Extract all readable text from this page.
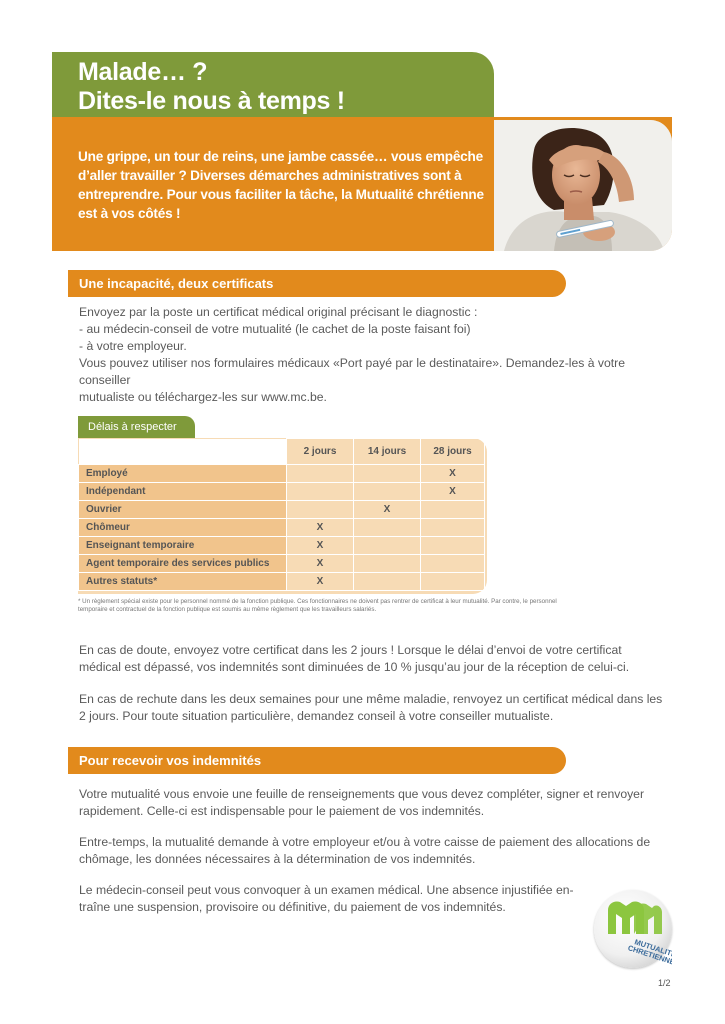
Malade… ?
Dites-le nous à temps !

Une grippe, un tour de reins, une jambe cassée… vous empêche d’aller travailler ? Diverses démarches administratives sont à entreprendre. Pour vous faciliter la tâche, la Mutualité chrétienne est à vos côtés !

Une incapacité, deux certificats
Envoyez par la poste un certificat médical original précisant le diagnostic :
- au médecin-conseil de votre mutualité (le cachet de la poste faisant foi)
- à votre employeur.
Vous pouvez utiliser nos formulaires médicaux «Port payé par le destinataire». Demandez-les à votre conseiller
mutualiste ou téléchargez-les sur www.mc.be.
Délais à respecter
	2 jours	14 jours	28 jours
Employé			X
Indépendant			X
Ouvrier		X	
Chômeur	X		
Enseignant temporaire	X		
Agent temporaire des services publics	X		
Autres statuts*	X		
* Un règlement spécial existe pour le personnel nommé de la fonction publique. Ces fonctionnaires ne doivent pas rentrer de certificat à leur mutualité. Par contre, le personnel
temporaire et contractuel de la fonction publique est soumis au même règlement que les travailleurs salariés.
En cas de doute, envoyez votre certificat dans les 2 jours ! Lorsque le délai d’envoi de votre certificat
médical est dépassé, vos indemnités sont diminuées de 10 % jusqu’au jour de la réception de celui-ci.
En cas de rechute dans les deux semaines pour une même maladie, renvoyez un certificat médical dans les
2 jours. Pour toute situation particulière, demandez conseil à votre conseiller mutualiste.
Pour recevoir vos indemnités
Votre mutualité vous envoie une feuille de renseignements que vous devez compléter, signer et renvoyer
rapidement. Celle-ci est indispensable pour le paiement de vos indemnités.
Entre-temps, la mutualité demande à votre employeur et/ou à votre caisse de paiement des allocations de
chômage, les données nécessaires à la détermination de vos indemnités.
Le médecin-conseil peut vous convoquer à un examen médical. Une absence injustifiée en-
traîne une suspension, provisoire ou définitive, du paiement de vos indemnités.
MUTUALITÉ
CHRETIENNE
1/2
